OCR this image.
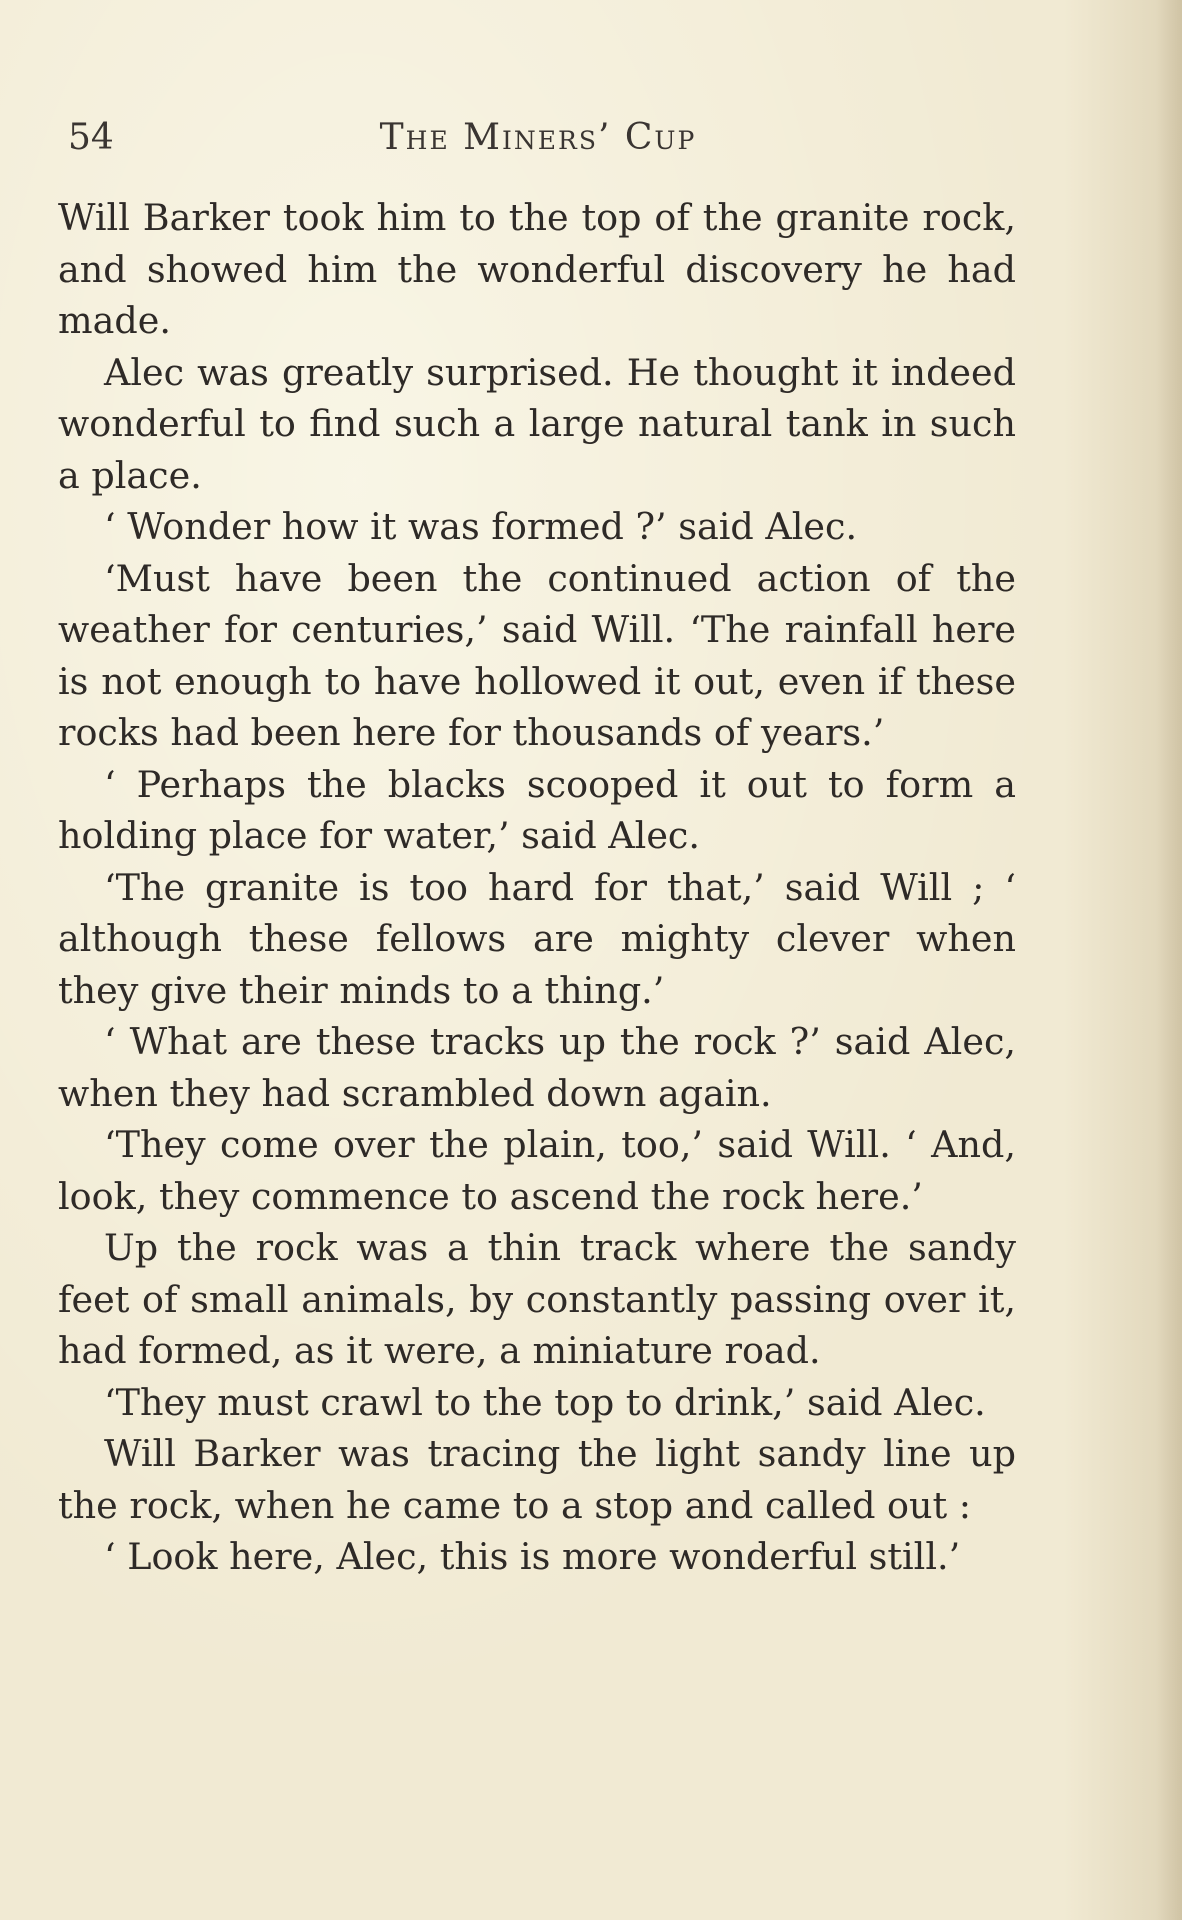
54	The Miners’ Cup

Will Barker took him to the top of the granite rock, and showed him the wonderful discovery he had made.

Alec was greatly surprised. He thought it indeed wonderful to find such a large natural tank in such a place.

‘ Wonder how it was formed ?’ said Alec.

‘Must have been the continued action of the weather for centuries,’ said Will. ‘The rainfall here is not enough to have hollowed it out, even if these rocks had been here for thousands of years.’

‘ Perhaps the blacks scooped it out to form a holding place for water,’ said Alec.

‘The granite is too hard for that,’ said Will ; ‘ although these fellows are mighty clever when they give their minds to a thing.’

‘ What are these tracks up the rock ?’ said Alec, when they had scrambled down again.

‘They come over the plain, too,’ said Will. ‘ And, look, they commence to ascend the rock here.’

Up the rock was a thin track where the sandy feet of small animals, by constantly passing over it, had formed, as it were, a miniature road.

‘They must crawl to the top to drink,’ said Alec.

Will Barker was tracing the light sandy line up the rock, when he came to a stop and called out :

‘ Look here, Alec, this is more wonderful still.’
